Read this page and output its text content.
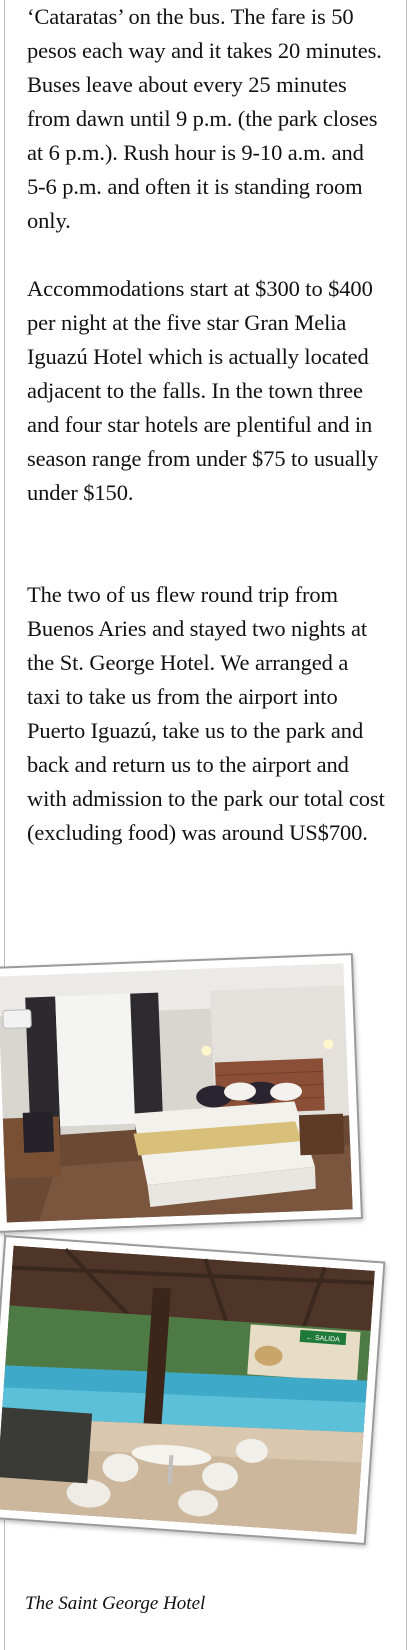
‘Cataratas’ on the bus. The fare is 50 pesos each way and it takes 20 minutes. Buses leave about every 25 minutes from dawn until 9 p.m. (the park closes at 6 p.m.). Rush hour is 9-10 a.m. and 5-6 p.m. and often it is standing room only.

Accommodations start at $300 to $400 per night at the five star Gran Melia Iguazú Hotel which is actually located adjacent to the falls. In the town three and four star hotels are plentiful and in season range from under $75 to usually under $150.

The two of us flew round trip from Buenos Aries and stayed two nights at the St. George Hotel. We arranged a taxi to take us from the airport into Puerto Iguazú, take us to the park and back and return us to the airport and with admission to the park our total cost (excluding food) was around US$700.

← SALIDA

The Saint George Hotel
